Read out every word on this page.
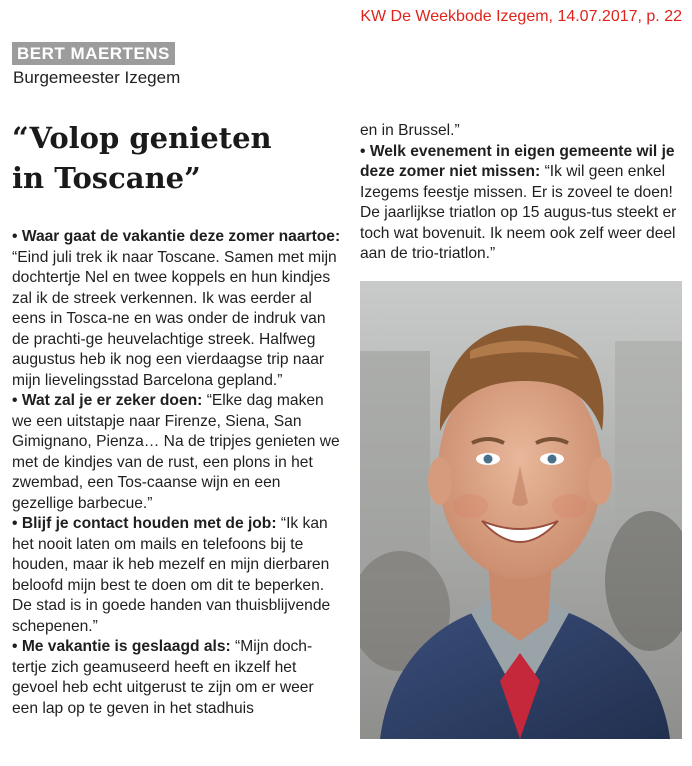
KW De Weekbode Izegem, 14.07.2017, p. 22
BERT MAERTENS
Burgemeester Izegem
“Volop genieten
in Toscane”

• Waar gaat de vakantie deze zomer naartoe: “Eind juli trek ik naar Toscane. Samen met mijn dochtertje Nel en twee koppels en hun kindjes zal ik de streek verkennen. Ik was eerder al eens in Tosca-ne en was onder de indruk van de prachti-ge heuvelachtige streek. Halfweg augustus heb ik nog een vierdaagse trip naar mijn lievelingsstad Barcelona gepland.”

• Wat zal je er zeker doen: “Elke dag maken we een uitstapje naar Firenze, Siena, San Gimignano, Pienza… Na de tripjes genieten we met de kindjes van de rust, een plons in het zwembad, een Tos-caanse wijn en een gezellige barbecue.”

• Blijf je contact houden met de job: “Ik kan het nooit laten om mails en telefoons bij te houden, maar ik heb mezelf en mijn dierbaren beloofd mijn best te doen om dit te beperken. De stad is in goede handen van thuisblijvende schepenen.”

• Me vakantie is geslaagd als: “Mijn doch-tertje zich geamuseerd heeft en ikzelf het gevoel heb echt uitgerust te zijn om er weer een lap op te geven in het stadhuis

en in Brussel.”

• Welk evenement in eigen gemeente wil je deze zomer niet missen: “Ik wil geen enkel Izegems feestje missen. Er is zoveel te doen! De jaarlijkse triatlon op 15 augus-tus steekt er toch wat bovenuit. Ik neem ook zelf weer deel aan de trio-triatlon.”
